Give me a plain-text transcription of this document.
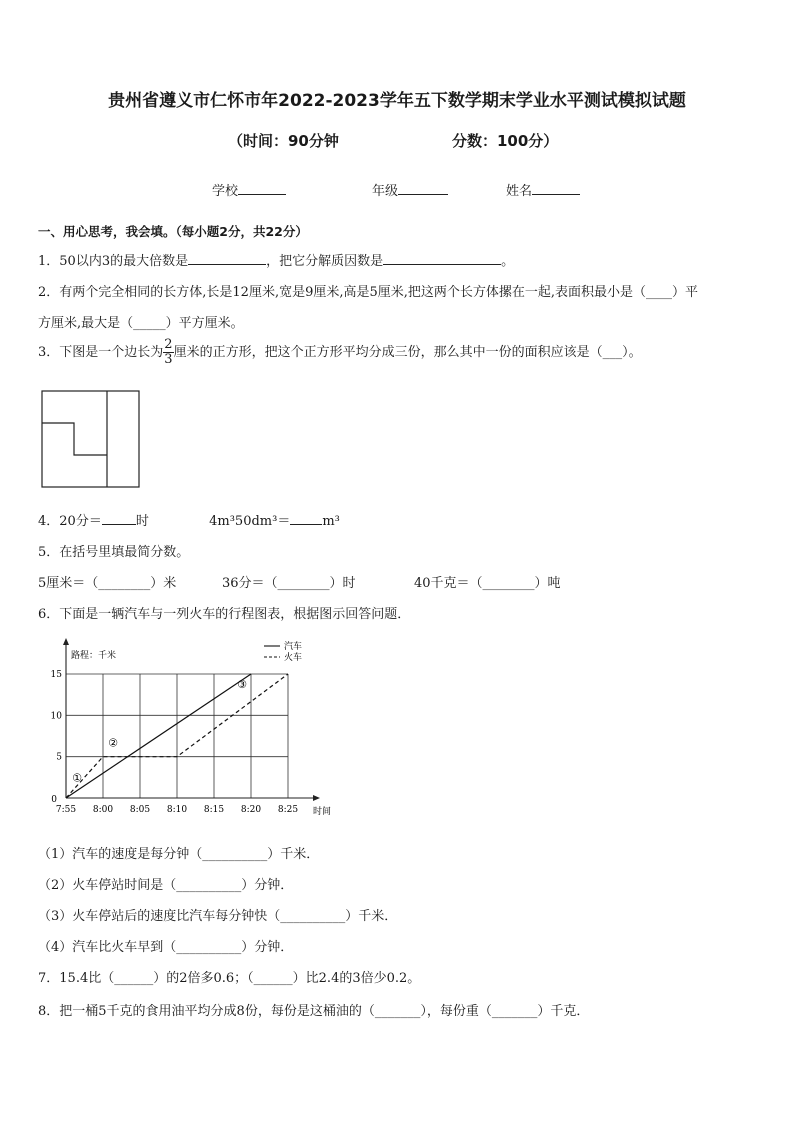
贵州省遵义市仁怀市年2022-2023学年五下数学期末学业水平测试模拟试题
（时间：90分钟	分数：100分）
学校	年级	姓名
一、用心思考，我会填。（每小题2分，共22分）
1．50以内3的最大倍数是	，把它分解质因数是	。
2．有两个完全相同的长方体,长是12厘米,宽是9厘米,高是5厘米,把这两个长方体摞在一起,表面积最小是（____）平
方厘米,最大是（_____）平方厘米。
3．下图是一个边长为 $\frac{2}{3}$ 厘米的正方形，把这个正方形平均分成三份，那么其中一份的面积应该是（___）。
4．20分＝	时	4m³50dm³＝ m³
5．在括号里填最简分数。
5厘米＝（________）米	36分＝（________）时	40千克＝（________）吨
6．下面是一辆汽车与一列火车的行程图表，根据图示回答问题．
7:55 8:00 8:05 8:10 8:15 8:20 8:25
0
5
10
15
路程：千米
时间
汽车
火车
①
②
③
（1）汽车的速度是每分钟（__________）千米．
（2）火车停站时间是（__________）分钟．
（3）火车停站后的速度比汽车每分钟快（__________）千米．
（4）汽车比火车早到（__________）分钟．
7．15.4比（______）的2倍多0.6；（______）比2.4的3倍少0.2。
8．把一桶5千克的食用油平均分成8份，每份是这桶油的（_______），每份重（_______）千克．
